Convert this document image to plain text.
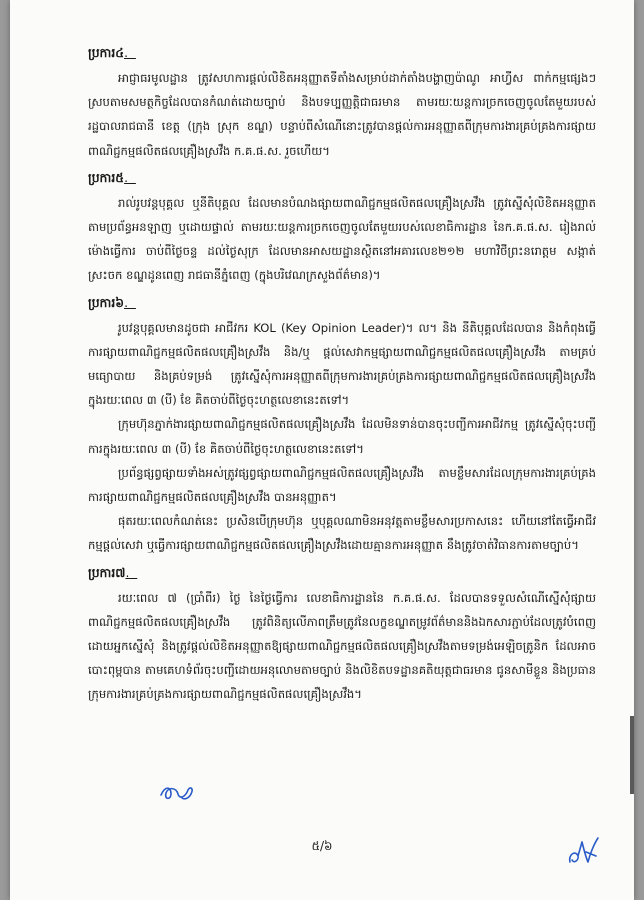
ប្រការ៤.

អាជ្ញាធរមូលដ្ឋាន ត្រូវសហការផ្ដល់លិខិតអនុញ្ញាតទីតាំងសម្រាប់ដាក់តាំងបង្ហាញប៉ាណូ អាហ្វីស ពាក់កម្មផ្សេងៗ ស្របតាមសមត្ថកិច្ចដែលបានកំណត់ដោយច្បាប់ និងបទប្បញ្ញត្តិជាធរមាន តាមរយៈយន្តការច្រកចេញចូលតែមួយរបស់រដ្ឋបាលរាជធានី ខេត្ត (ក្រុង ស្រុក ខណ្ឌ) បន្ទាប់ពីសំណើនោះត្រូវបានផ្ដល់ការអនុញ្ញាតពីក្រុមការងារគ្រប់គ្រងការផ្សាយពាណិជ្ជកម្មផលិតផលគ្រឿងស្រវឹង ក.គ.ផ.ស. រួចហើយ។

ប្រការ៥.

រាល់រូបវន្តបុគ្គល ឬនីតិបុគ្គល ដែលមានបំណងផ្សាយពាណិជ្ជកម្មផលិតផលគ្រឿងស្រវឹង ត្រូវស្នើសុំលិខិតអនុញ្ញាតតាមប្រព័ន្ធអនឡាញ ឬដោយផ្ទាល់ តាមរយៈយន្តការច្រកចេញចូលតែមួយរបស់លេខាធិការដ្ឋាន នៃក.គ.ផ.ស. រៀងរាល់ម៉ោងធ្វើការ ចាប់ពីថ្ងៃចន្ទ ដល់ថ្ងៃសុក្រ ដែលមានអាសយដ្ឋានស្ថិតនៅអគារលេខ២១២ មហាវិថីព្រះនរោត្តម សង្កាត់ស្រះចក ខណ្ឌដូនពេញ រាជធានីភ្នំពេញ (ក្នុងបរិវេណក្រសួងព័ត៌មាន)។

ប្រការ៦.

រូបវន្តបុគ្គលមានដូចជា អាជីវករ KOL (Key Opinion Leader)។ ល។ និង នីតិបុគ្គលដែលបាន និងកំពុងធ្វើការផ្សាយពាណិជ្ជកម្មផលិតផលគ្រឿងស្រវឹង និង/ឬ ផ្ដល់សេវាកម្មផ្សាយពាណិជ្ជកម្មផលិតផលគ្រឿងស្រវឹង តាមគ្រប់មធ្យោបាយ និងគ្រប់ទម្រង់ ត្រូវស្នើសុំការអនុញ្ញាតពីក្រុមការងារគ្រប់គ្រងការផ្សាយពាណិជ្ជកម្មផលិតផលគ្រឿងស្រវឹង ក្នុងរយៈពេល ៣ (បី) ខែ គិតចាប់ពីថ្ងៃចុះហត្ថលេខានេះតទៅ។

ក្រុមហ៊ុនភ្នាក់ងារផ្សាយពាណិជ្ជកម្មផលិតផលគ្រឿងស្រវឹង ដែលមិនទាន់បានចុះបញ្ជីការអាជីវកម្ម ត្រូវស្នើសុំចុះបញ្ជីការក្នុងរយៈពេល ៣ (បី) ខែ គិតចាប់ពីថ្ងៃចុះហត្ថលេខានេះតទៅ។

ប្រព័ន្ធផ្សព្វផ្សាយទាំងអស់ត្រូវផ្សព្វផ្សាយពាណិជ្ជកម្មផលិតផលគ្រឿងស្រវឹង តាមខ្លឹមសារដែលក្រុមការងារគ្រប់គ្រងការផ្សាយពាណិជ្ជកម្មផលិតផលគ្រឿងស្រវឹង បានអនុញ្ញាត។

ផុតរយៈពេលកំណត់នេះ ប្រសិនបើក្រុមហ៊ុន ឬបុគ្គលណាមិនអនុវត្តតាមខ្លឹមសារប្រកាសនេះ ហើយនៅតែធ្វើអាជីវកម្មផ្ដល់សេវា ឬធ្វើការផ្សាយពាណិជ្ជកម្មផលិតផលគ្រឿងស្រវឹងដោយគ្មានការអនុញ្ញាត នឹងត្រូវចាត់វិធានការតាមច្បាប់។

ប្រការ៧.

រយៈពេល ៧ (ប្រាំពីរ) ថ្ងៃ នៃថ្ងៃធ្វើការ លេខាធិការដ្ឋាននៃ ក.គ.ផ.ស. ដែលបានទទួលសំណើស្នើសុំផ្សាយពាណិជ្ជកម្មផលិតផលគ្រឿងស្រវឹង ត្រូវពិនិត្យលើភាពត្រឹមត្រូវនៃលក្ខខណ្ឌតម្រូវព័ត៌មាននិងឯកសារភ្ជាប់ដែលត្រូវបំពេញដោយអ្នកស្នើសុំ និងត្រូវផ្ដល់លិខិតអនុញ្ញាតឱ្យផ្សាយពាណិជ្ជកម្មផលិតផលគ្រឿងស្រវឹងតាមទម្រង់អេឡិចត្រូនិក ដែលអាចបោះពុម្ពបាន តាមគេហទំព័រចុះបញ្ជីដោយអនុលោមតាមច្បាប់ និងលិខិតបទដ្ឋានគតិយុត្តជាធរមាន ជូនសាមីខ្លួន និងប្រធានក្រុមការងារគ្រប់គ្រងការផ្សាយពាណិជ្ជកម្មផលិតផលគ្រឿងស្រវឹង។

៥/៦
